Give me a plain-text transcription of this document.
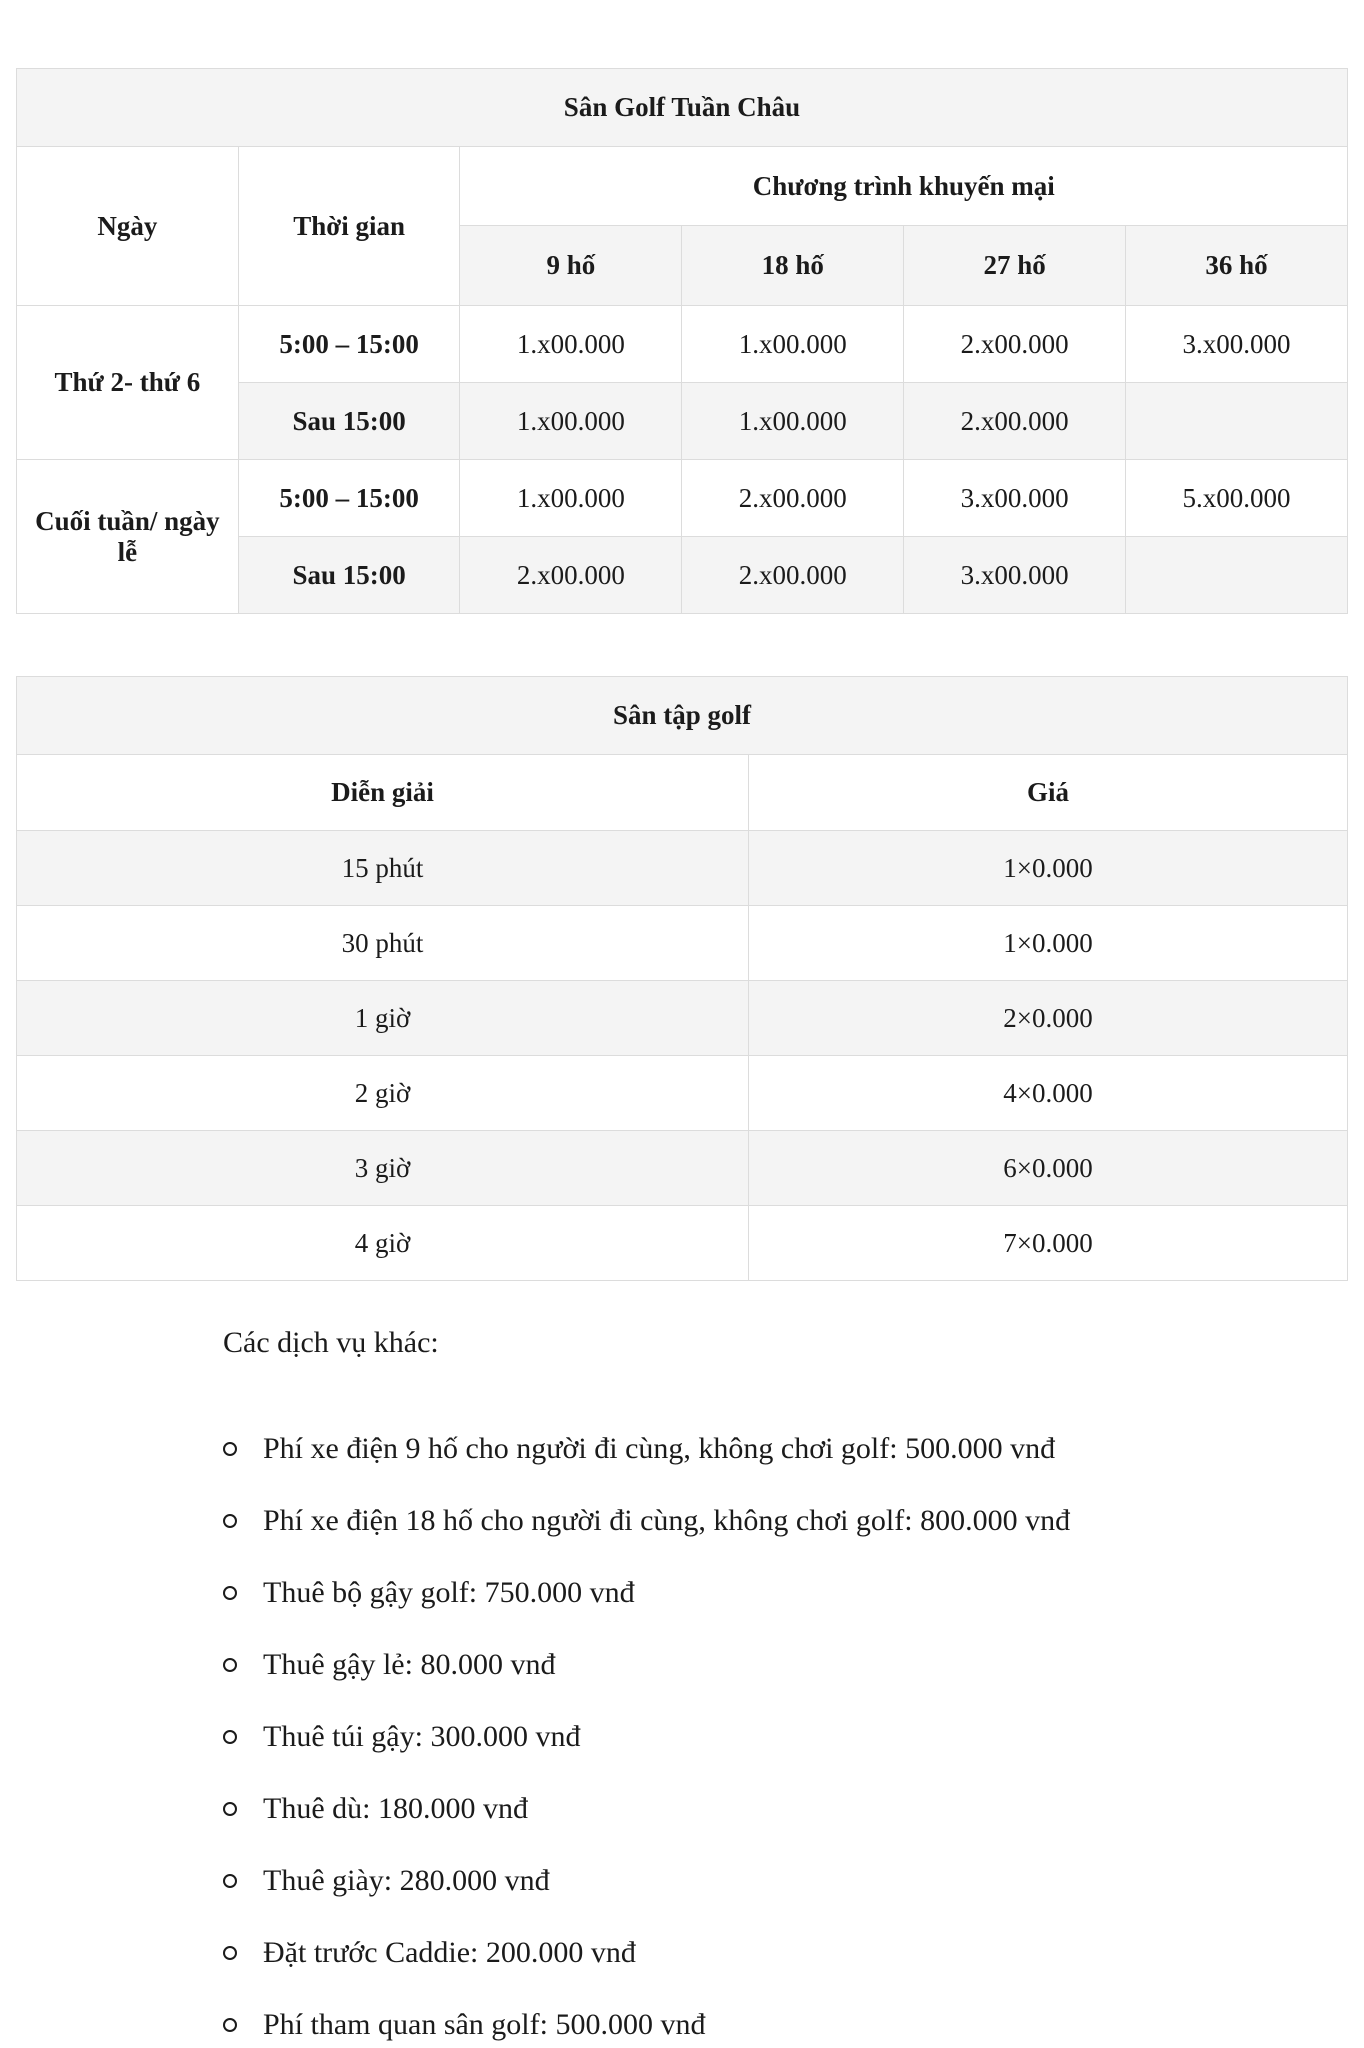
Sân Golf Tuần Châu					
Ngày	Thời gian	Chương trình khuyến mại			
		9 hố	18 hố	27 hố	36 hố
Thứ 2- thứ 6	5:00 – 15:00	1.x00.000	1.x00.000	2.x00.000	3.x00.000
	Sau 15:00	1.x00.000	1.x00.000	2.x00.000	
Cuối tuần/ ngày lễ	5:00 – 15:00	1.x00.000	2.x00.000	3.x00.000	5.x00.000
	Sau 15:00	2.x00.000	2.x00.000	3.x00.000	
Sân tập golf	
Diễn giải	Giá
15 phút	1×0.000
30 phút	1×0.000
1 giờ	2×0.000
2 giờ	4×0.000
3 giờ	6×0.000
4 giờ	7×0.000

Các dịch vụ khác:

Phí xe điện 9 hố cho người đi cùng, không chơi golf: 500.000 vnđ
Phí xe điện 18 hố cho người đi cùng, không chơi golf: 800.000 vnđ
Thuê bộ gậy golf: 750.000 vnđ
Thuê gậy lẻ: 80.000 vnđ
Thuê túi gậy: 300.000 vnđ
Thuê dù: 180.000 vnđ
Thuê giày: 280.000 vnđ
Đặt trước Caddie: 200.000 vnđ
Phí tham quan sân golf: 500.000 vnđ
